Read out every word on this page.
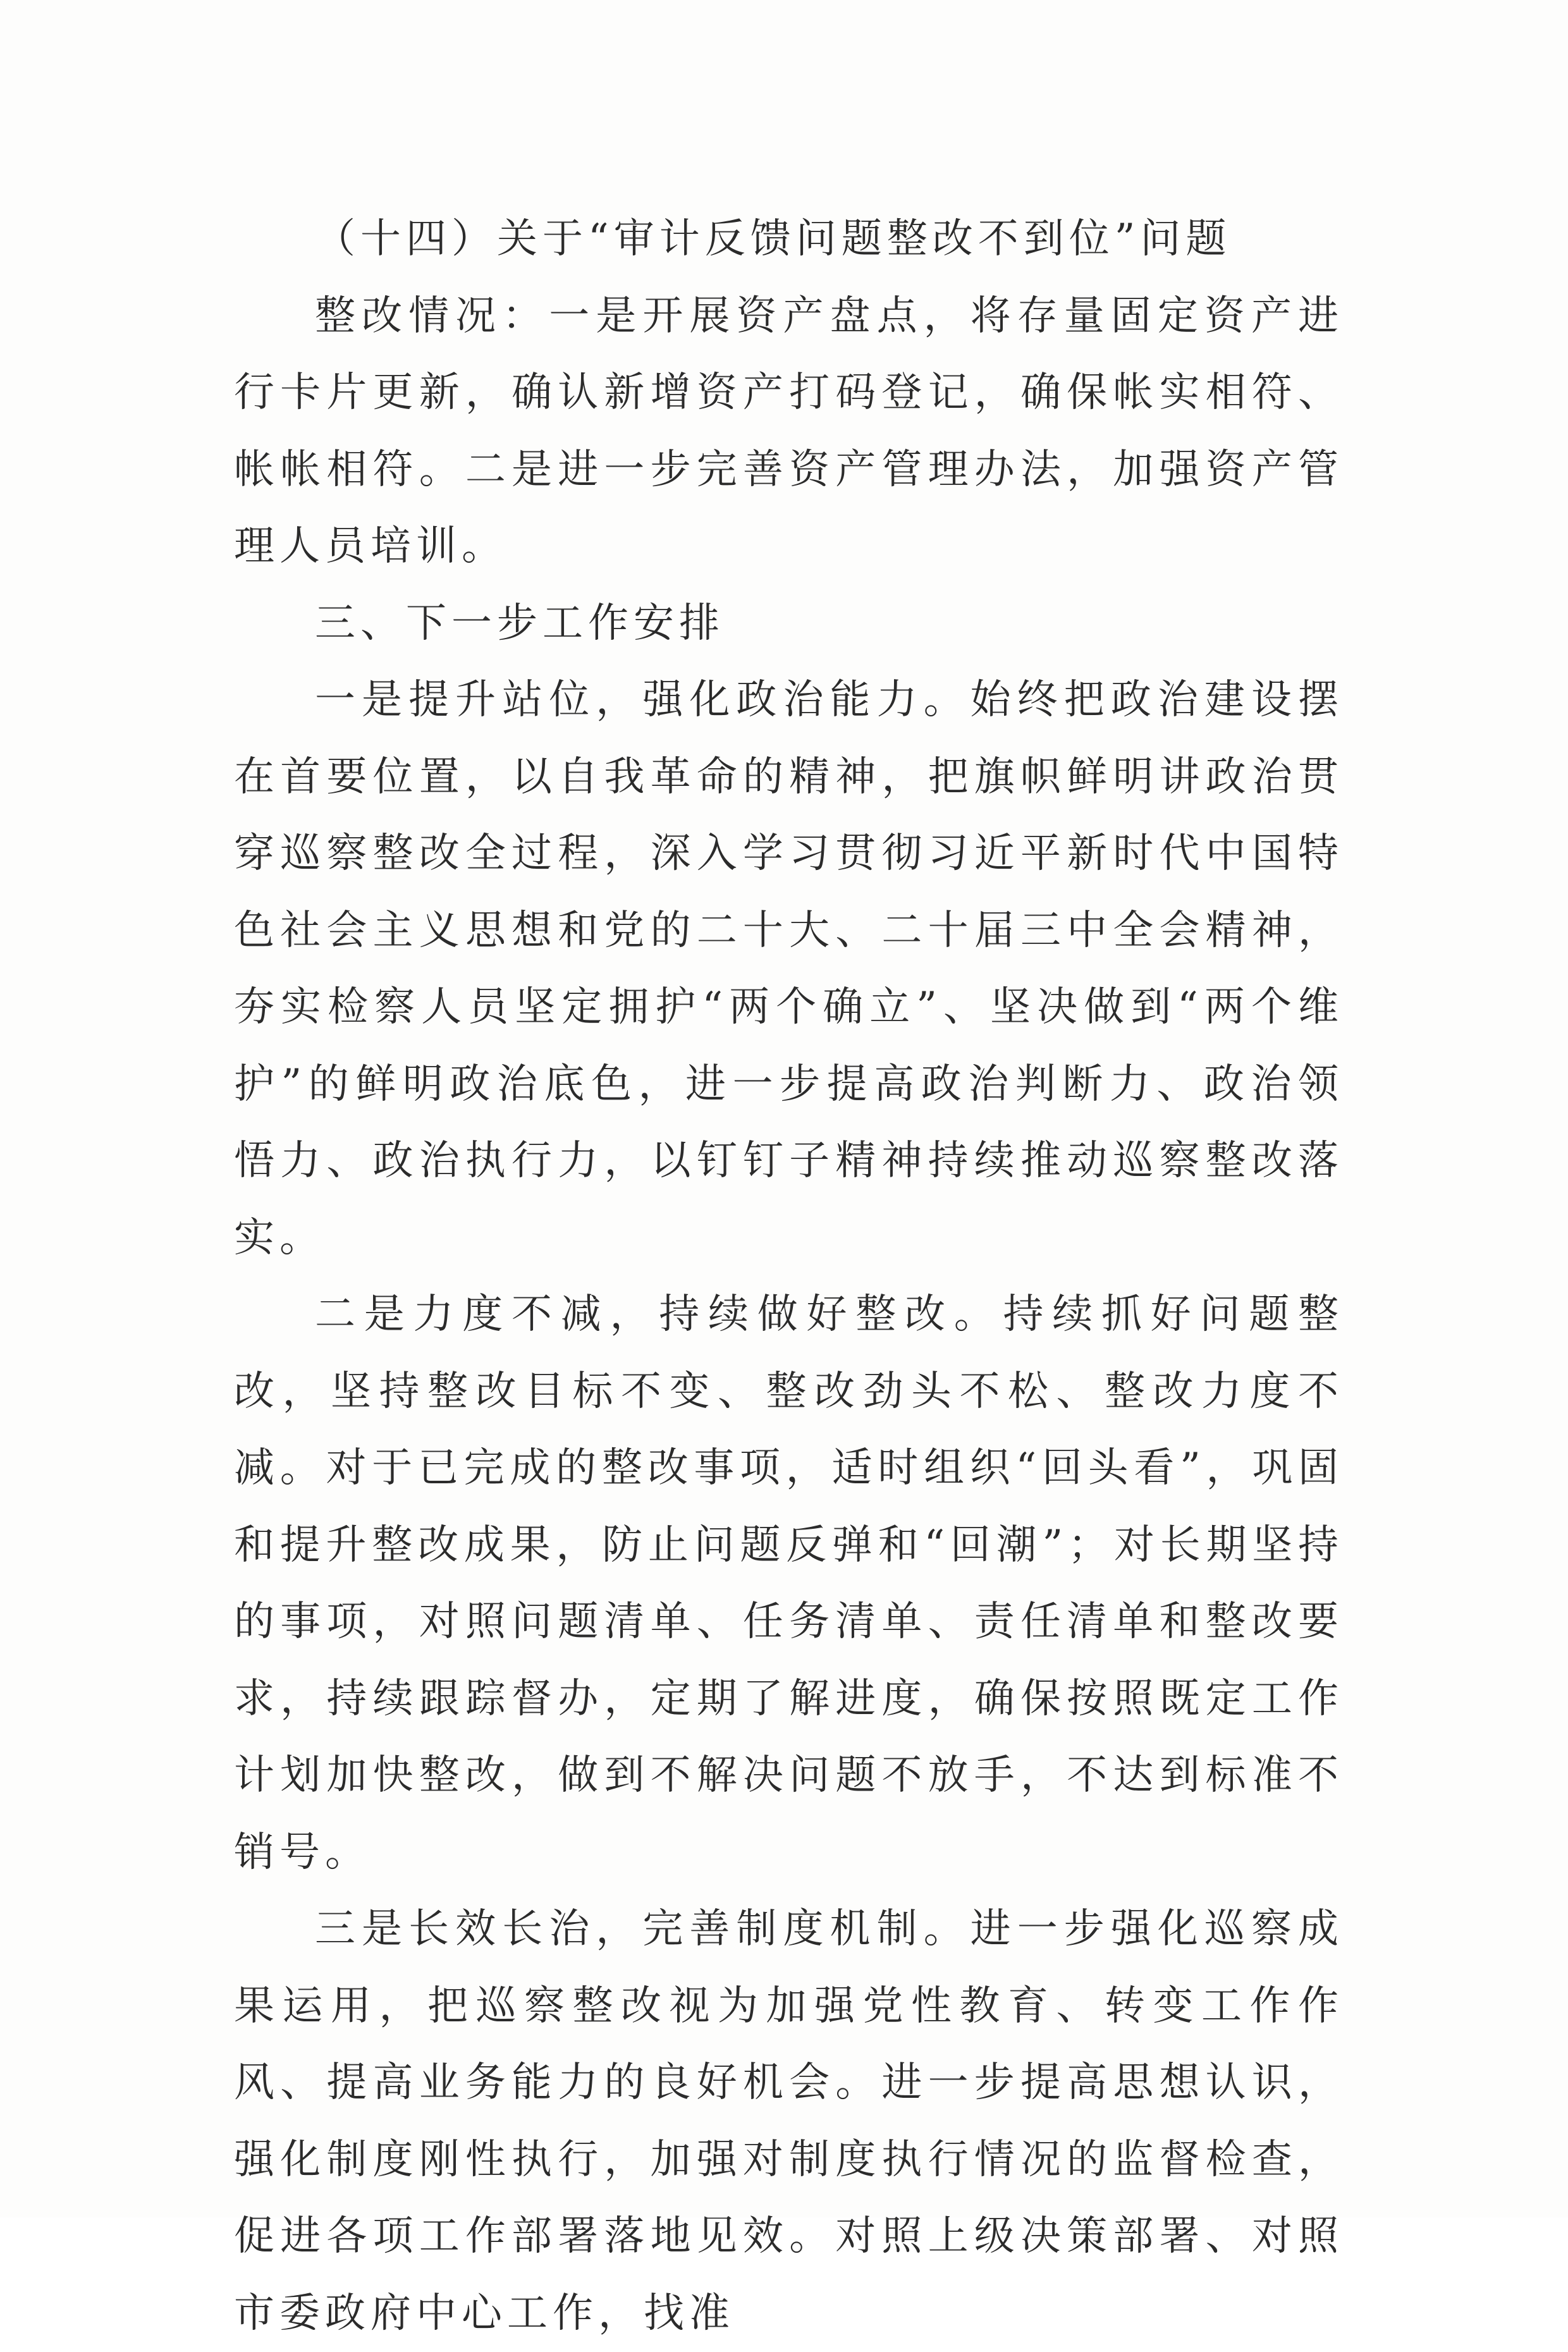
（十四）关于“审计反馈问题整改不到位”问题

整改情况：一是开展资产盘点，将存量固定资产进行卡片更新，确认新增资产打码登记，确保帐实相符、帐帐相符。二是进一步完善资产管理办法，加强资产管理人员培训。

三、下一步工作安排

一是提升站位，强化政治能力。始终把政治建设摆在首要位置，以自我革命的精神，把旗帜鲜明讲政治贯穿巡察整改全过程，深入学习贯彻习近平新时代中国特色社会主义思想和党的二十大、二十届三中全会精神，夯实检察人员坚定拥护“两个确立”、坚决做到“两个维护”的鲜明政治底色，进一步提高政治判断力、政治领悟力、政治执行力，以钉钉子精神持续推动巡察整改落实。

二是力度不减，持续做好整改。持续抓好问题整改，坚持整改目标不变、整改劲头不松、整改力度不减。对于已完成的整改事项，适时组织“回头看”，巩固和提升整改成果，防止问题反弹和“回潮”；对长期坚持的事项，对照问题清单、任务清单、责任清单和整改要求，持续跟踪督办，定期了解进度，确保按照既定工作计划加快整改，做到不解决问题不放手，不达到标准不销号。

三是长效长治，完善制度机制。进一步强化巡察成果运用，把巡察整改视为加强党性教育、转变工作作风、提高业务能力的良好机会。进一步提高思想认识，强化制度刚性执行，加强对制度执行情况的监督检查，促进各项工作部署落地见效。对照上级决策部署、对照市委政府中心工作，找准
